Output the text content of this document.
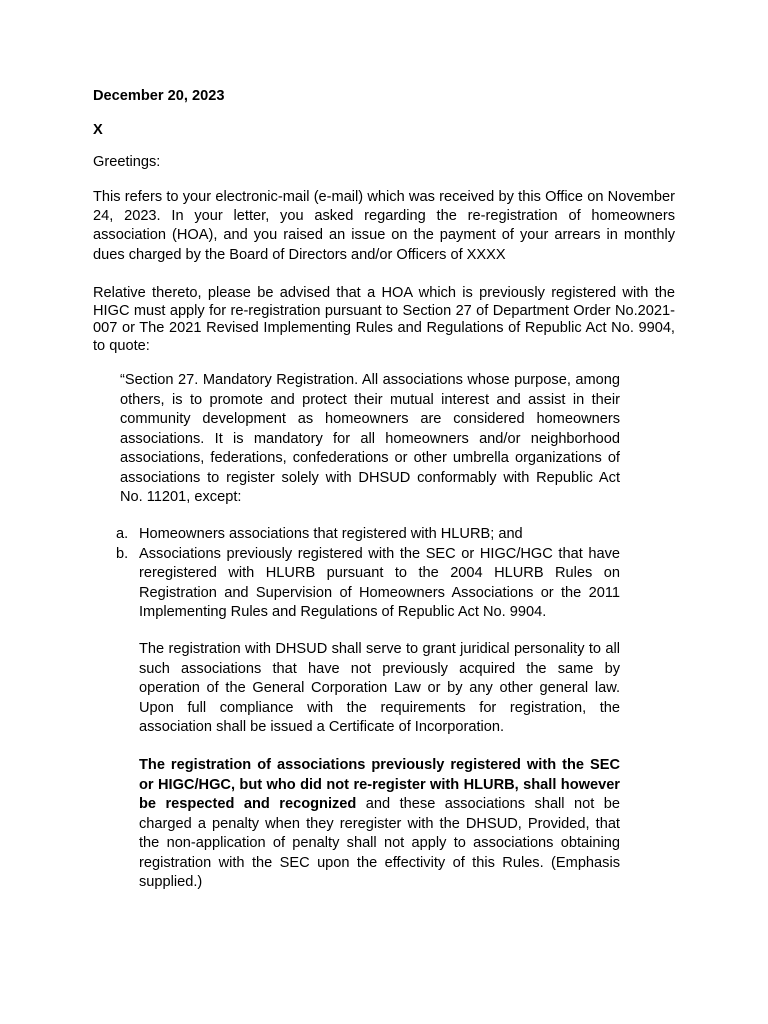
December 20, 2023

X

Greetings:

This refers to your electronic-mail (e-mail) which was received by this Office on November 24, 2023. In your letter, you asked regarding the re-registration of homeowners association (HOA), and you raised an issue on the payment of your arrears in monthly dues charged by the Board of Directors and/or Officers of XXXX

Relative thereto, please be advised that a HOA which is previously registered with the HIGC must apply for re-registration pursuant to Section 27 of Department Order No.2021-007 or The 2021 Revised Implementing Rules and Regulations of Republic Act No. 9904, to quote:

“Section 27. Mandatory Registration. All associations whose purpose, among others, is to promote and protect their mutual interest and assist in their community development as homeowners are considered homeowners associations. It is mandatory for all homeowners and/or neighborhood associations, federations, confederations or other umbrella organizations of associations to register solely with DHSUD conformably with Republic Act No. 11201, except:

a. Homeowners associations that registered with HLURB; and
b. Associations previously registered with the SEC or HIGC/HGC that have reregistered with HLURB pursuant to the 2004 HLURB Rules on Registration and Supervision of Homeowners Associations or the 2011 Implementing Rules and Regulations of Republic Act No. 9904.

The registration with DHSUD shall serve to grant juridical personality to all such associations that have not previously acquired the same by operation of the General Corporation Law or by any other general law. Upon full compliance with the requirements for registration, the association shall be issued a Certificate of Incorporation.

The registration of associations previously registered with the SEC or HIGC/HGC, but who did not re-register with HLURB, shall however be respected and recognized and these associations shall not be charged a penalty when they reregister with the DHSUD, Provided, that the non-application of penalty shall not apply to associations obtaining registration with the SEC upon the effectivity of this Rules. (Emphasis supplied.)
